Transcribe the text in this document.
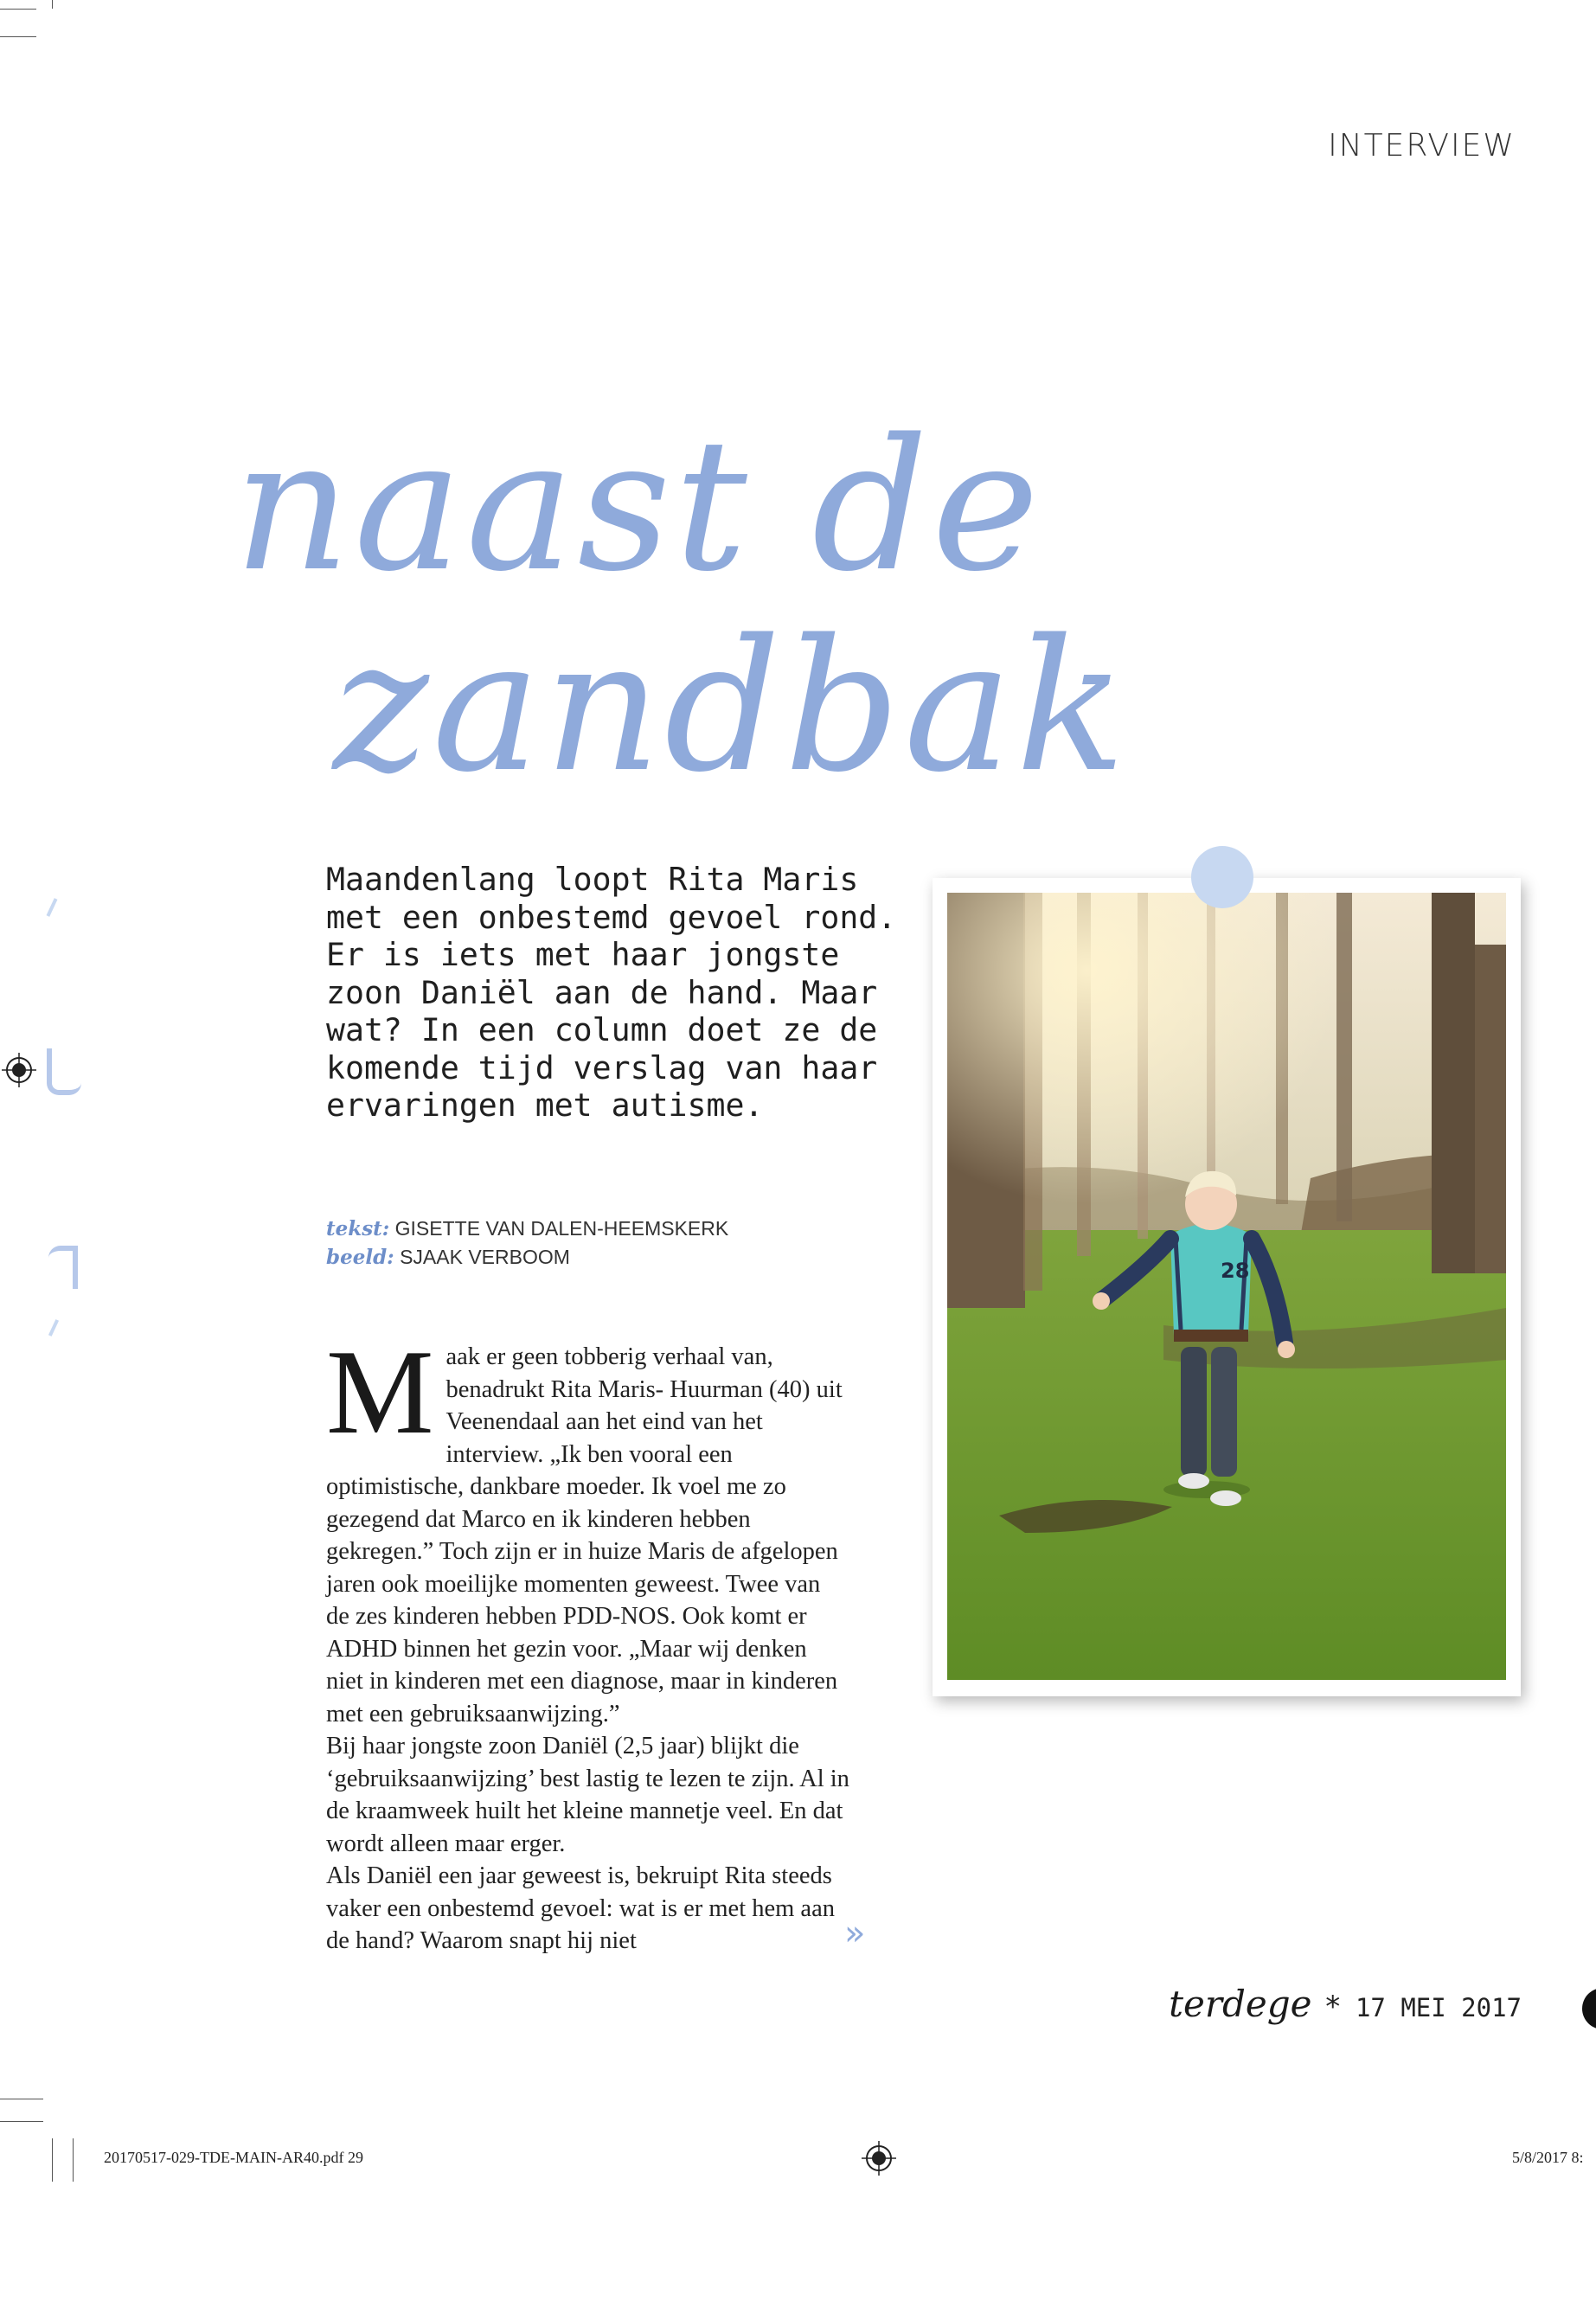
INTERVIEW
naast de
zandbak

Maandenlang loopt Rita Maris met een onbestemd gevoel rond. Er is iets met haar jongste zoon Daniël aan de hand. Maar wat? In een column doet ze de komende tijd verslag van haar ervaringen met autisme.

tekst: GISETTE VAN DALEN-HEEMSKERK
beeld: SJAAK VERBOOM
M aak er geen tobberig verhaal van, benadrukt Rita Maris- Huurman (40) uit Veenendaal aan het eind van het interview. „Ik ben vooral een optimistische, dankbare moeder. Ik voel me zo gezegend dat Marco en ik kinderen hebben gekregen.” Toch zijn er in huize Maris de afgelopen jaren ook moeilijke momenten geweest. Twee van de zes kinderen hebben PDD-NOS. Ook komt er ADHD binnen het gezin voor. „Maar wij denken niet in kinderen met een diagnose, maar in kinderen met een gebruiksaanwijzing.”

Bij haar jongste zoon Daniël (2,5 jaar) blijkt die ‘gebruiksaanwijzing’ best lastig te lezen te zijn. Al in de kraamweek huilt het kleine mannetje veel. En dat wordt alleen maar erger.

Als Daniël een jaar geweest is, bekruipt Rita steeds vaker een onbestemd gevoel: wat is er met hem aan de hand? Waarom snapt hij niet	»
28
terdege * 17 MEI 2017
20170517-029-TDE-MAIN-AR40.pdf 29	5/8/2017 8:
